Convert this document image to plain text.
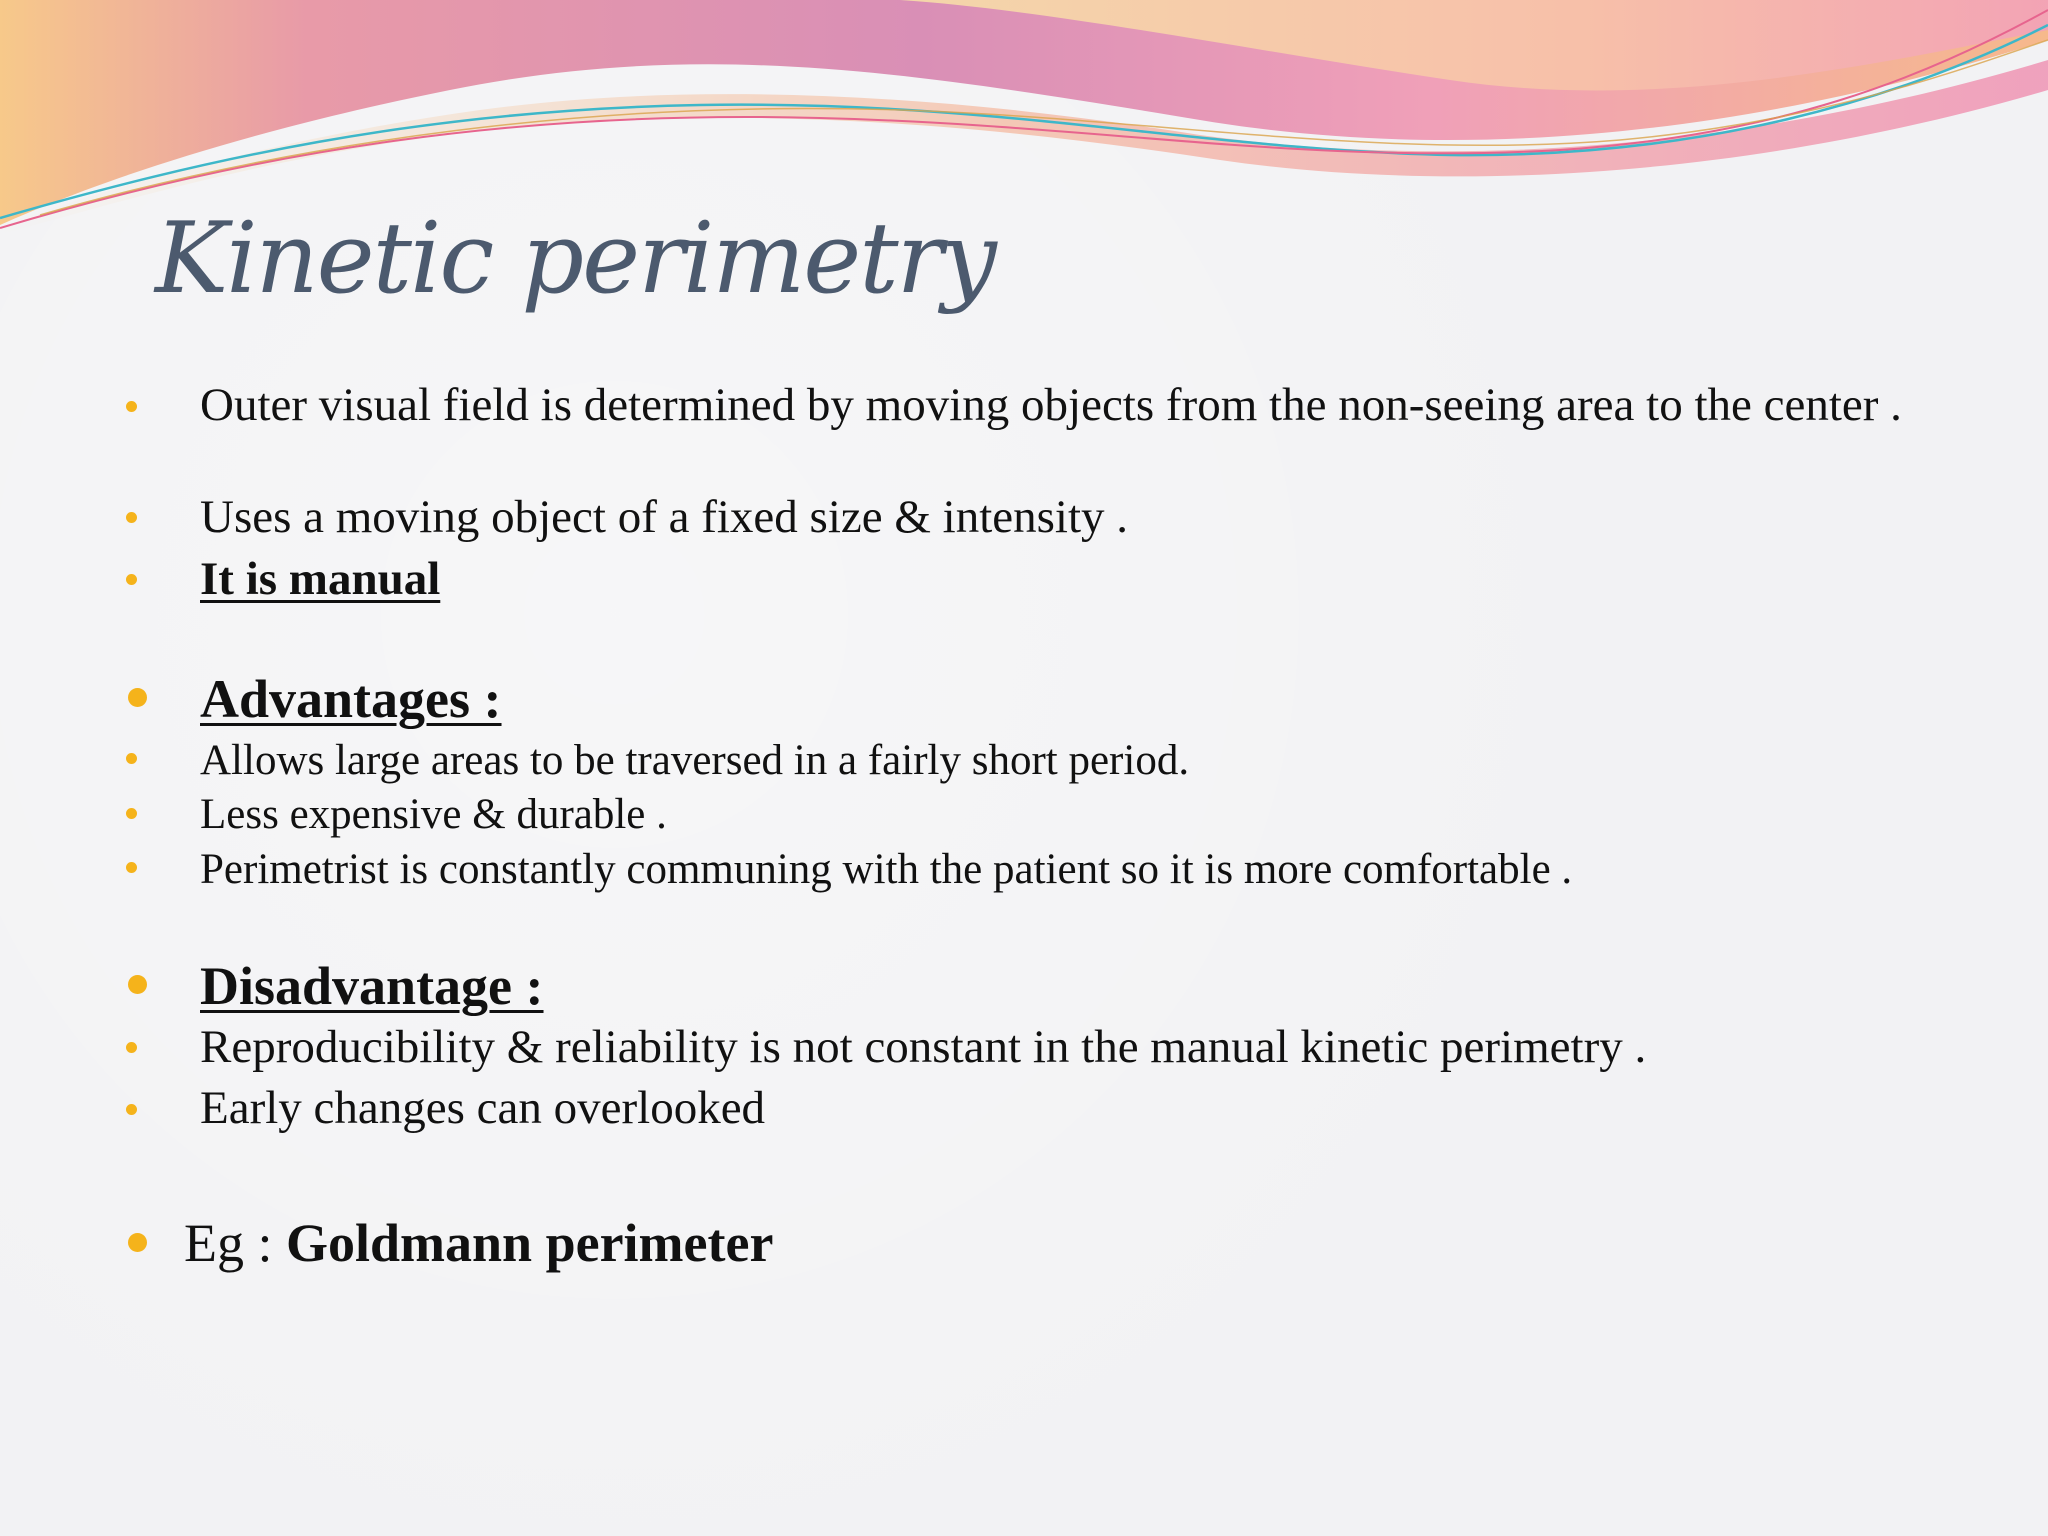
Kinetic perimetry
Outer visual field is determined by moving objects from the non-seeing area to the center .
Uses a moving object of a fixed size & intensity .
It is manual
Advantages :
Allows large areas to be traversed in a fairly short period.
Less expensive & durable .
Perimetrist is constantly communing with the patient so it is more comfortable .
Disadvantage :
Reproducibility & reliability is not constant in the manual kinetic perimetry .
Early changes can overlooked
Eg : Goldmann perimeter
